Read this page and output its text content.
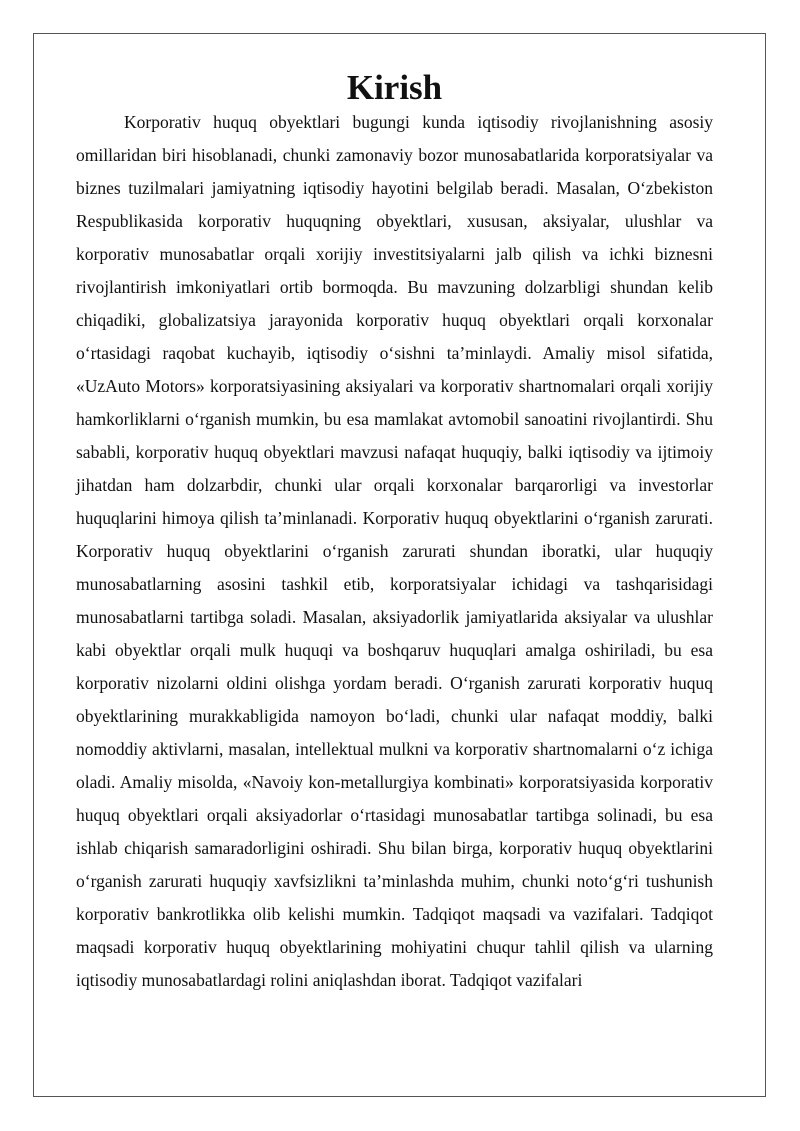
Kirish

Korporativ huquq obyektlari bugungi kunda iqtisodiy rivojlanishning asosiy omillaridan biri hisoblanadi, chunki zamonaviy bozor munosabatlarida korporatsiyalar va biznes tuzilmalari jamiyatning iqtisodiy hayotini belgilab beradi. Masalan, O‘zbekiston Respublikasida korporativ huquqning obyektlari, xususan, aksiyalar, ulushlar va korporativ munosabatlar orqali xorijiy investitsiyalarni jalb qilish va ichki biznesni rivojlantirish imkoniyatlari ortib bormoqda. Bu mavzuning dolzarbligi shundan kelib chiqadiki, globalizatsiya jarayonida korporativ huquq obyektlari orqali korxonalar o‘rtasidagi raqobat kuchayib, iqtisodiy o‘sishni ta’minlaydi. Amaliy misol sifatida, «UzAuto Motors» korporatsiyasining aksiyalari va korporativ shartnomalari orqali xorijiy hamkorliklarni o‘rganish mumkin, bu esa mamlakat avtomobil sanoatini rivojlantirdi. Shu sababli, korporativ huquq obyektlari mavzusi nafaqat huquqiy, balki iqtisodiy va ijtimoiy jihatdan ham dolzarbdir, chunki ular orqali korxonalar barqarorligi va investorlar huquqlarini himoya qilish ta’minlanadi. Korporativ huquq obyektlarini o‘rganish zarurati. Korporativ huquq obyektlarini o‘rganish zarurati shundan iboratki, ular huquqiy munosabatlarning asosini tashkil etib, korporatsiyalar ichidagi va tashqarisidagi munosabatlarni tartibga soladi. Masalan, aksiyadorlik jamiyatlarida aksiyalar va ulushlar kabi obyektlar orqali mulk huquqi va boshqaruv huquqlari amalga oshiriladi, bu esa korporativ nizolarni oldini olishga yordam beradi. O‘rganish zarurati korporativ huquq obyektlarining murakkabligida namoyon bo‘ladi, chunki ular nafaqat moddiy, balki nomoddiy aktivlarni, masalan, intellektual mulkni va korporativ shartnomalarni o‘z ichiga oladi. Amaliy misolda, «Navoiy kon-metallurgiya kombinati» korporatsiyasida korporativ huquq obyektlari orqali aksiyadorlar o‘rtasidagi munosabatlar tartibga solinadi, bu esa ishlab chiqarish samaradorligini oshiradi. Shu bilan birga, korporativ huquq obyektlarini o‘rganish zarurati huquqiy xavfsizlikni ta’minlashda muhim, chunki noto‘g‘ri tushunish korporativ bankrotlikka olib kelishi mumkin. Tadqiqot maqsadi va vazifalari. Tadqiqot maqsadi korporativ huquq obyektlarining mohiyatini chuqur tahlil qilish va ularning iqtisodiy munosabatlardagi rolini aniqlashdan iborat. Tadqiqot vazifalari
